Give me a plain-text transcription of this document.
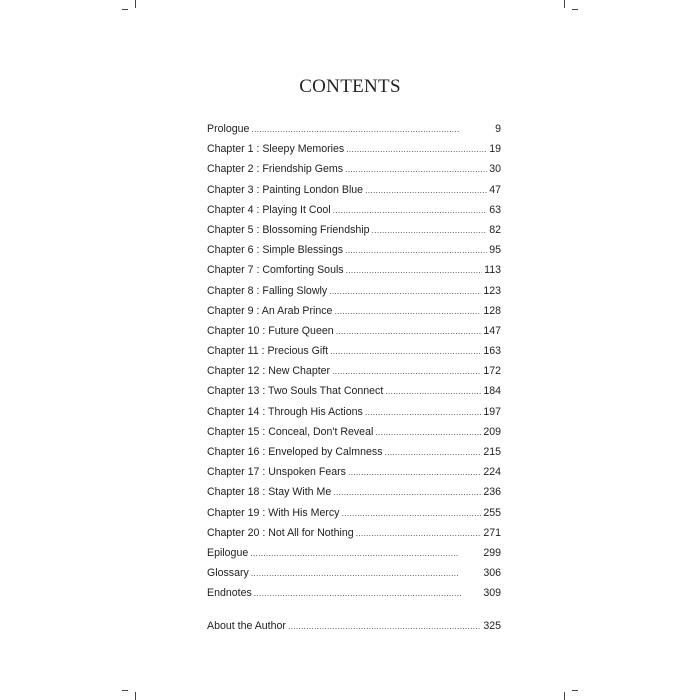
CONTENTS
Prologue . . .	9
Chapter 1 : Sleepy Memories . . .	19
Chapter 2 : Friendship Gems . . .	30
Chapter 3 : Painting London Blue . . .	47
Chapter 4 : Playing It Cool . . .	63
Chapter 5 : Blossoming Friendship . . .	82
Chapter 6 : Simple Blessings . . .	95
Chapter 7 : Comforting Souls . . .	113
Chapter 8 : Falling Slowly . . .	123
Chapter 9 : An Arab Prince . . .	128
Chapter 10 : Future Queen . . .	147
Chapter 11 : Precious Gift . . .	163
Chapter 12 : New Chapter . . .	172
Chapter 13 : Two Souls That Connect . . .	184
Chapter 14 : Through His Actions . . .	197
Chapter 15 : Conceal, Don't Reveal . . .	209
Chapter 16 : Enveloped by Calmness . . .	215
Chapter 17 : Unspoken Fears . . .	224
Chapter 18 : Stay With Me . . .	236
Chapter 19 : With His Mercy . . .	255
Chapter 20 : Not All for Nothing . . .	271
Epilogue . . .	299
Glossary . . .	306
Endnotes . . .	309
About the Author . . .	325
